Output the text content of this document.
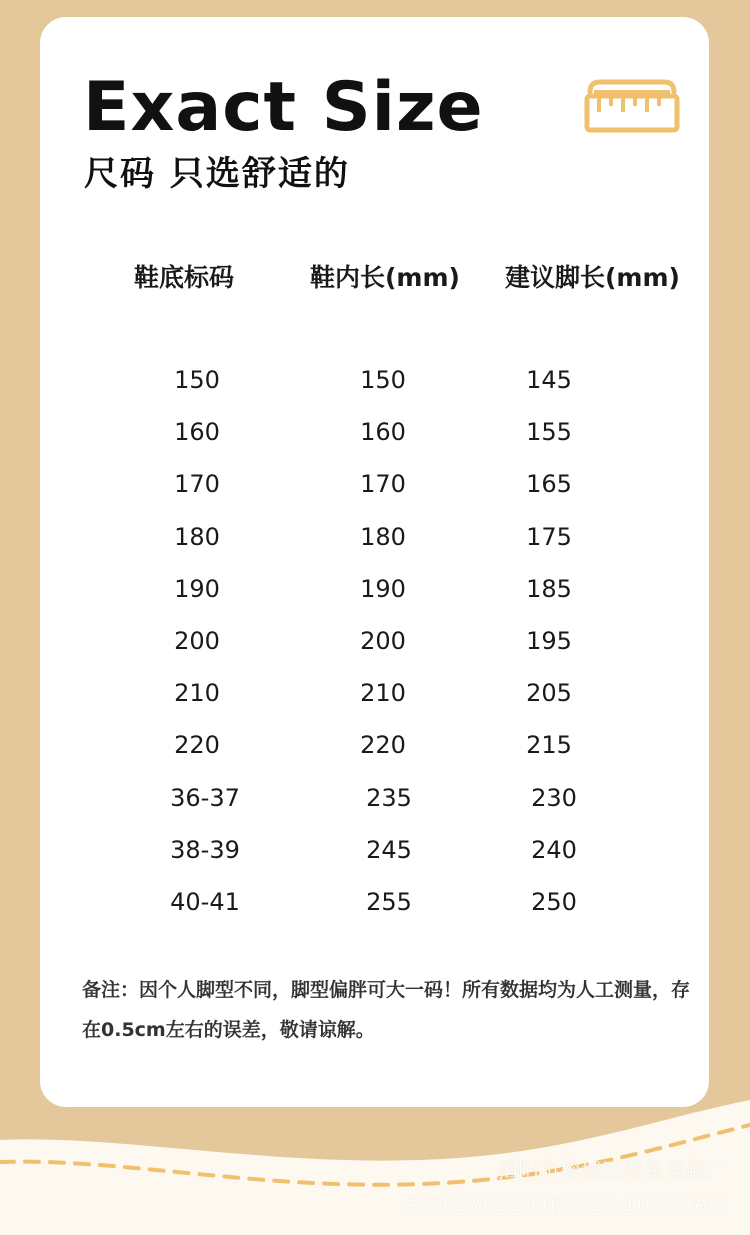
Exact Size
尺码 只选舒适的
鞋底标码	鞋内长(mm) 建议脚长(mm)
150	150	145
160	160	155
170	170	165
180	180	175
190	190	185
200	200	195
210	210	205
220	220	215
36-37	235	230
38-39	245	240
40-41	255	250
备注：因个人脚型不同，脚型偏胖可大一码！所有数据均为人工测量，存在0.5cm左右的误差，敬请谅解。
揭阳市榕城区裕星福鞋厂
shop2705394p3317.1688.com
